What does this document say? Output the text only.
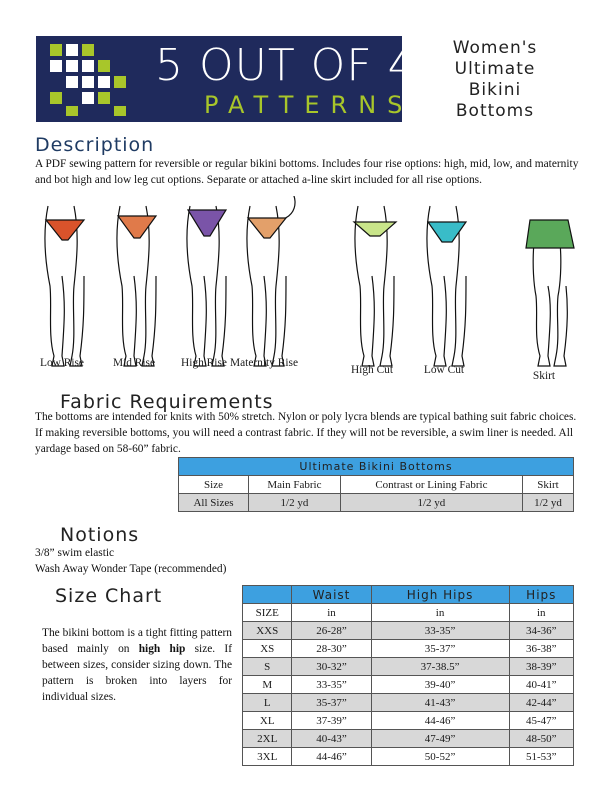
5 OUT OF 4
PATTERNS
Women's
Ultimate
Bikini
Bottoms
Description
A PDF sewing pattern for reversible or regular bikini bottoms. Includes four rise options: high, mid, low, and maternity and bot high and low leg cut options. Separate or attached a-line skirt included for all rise options.
Low Rise	Mid Rise	High Rise Maternity Rise
High Cut	Low Cut	Skirt
Fabric Requirements
The bottoms are intended for knits with 50% stretch. Nylon or poly lycra blends are typical bathing suit fabric choices. If making reversible bottoms, you will need a contrast fabric. If they will not be reversible, a swim liner is needed. All yardage based on 58-60” fabric.
Ultimate Bikini Bottoms			
Size	Main Fabric	Contrast or Lining Fabric	Skirt
All Sizes	1/2 yd	1/2 yd	1/2 yd
Notions
3/8” swim elastic
Wash Away Wonder Tape (recommended)
Size Chart
The bikini bottom is a tight fitting pattern based mainly on high hip size. If between sizes, consider sizing down. The pattern is broken into layers for individual sizes.
	Waist	High Hips	Hips
SIZE	in	in	in
XXS	26-28”	33-35”	34-36”
XS	28-30”	35-37”	36-38”
S	30-32”	37-38.5”	38-39”
M	33-35”	39-40”	40-41”
L	35-37”	41-43”	42-44”
XL	37-39”	44-46”	45-47”
2XL	40-43”	47-49”	48-50”
3XL	44-46”	50-52”	51-53”
